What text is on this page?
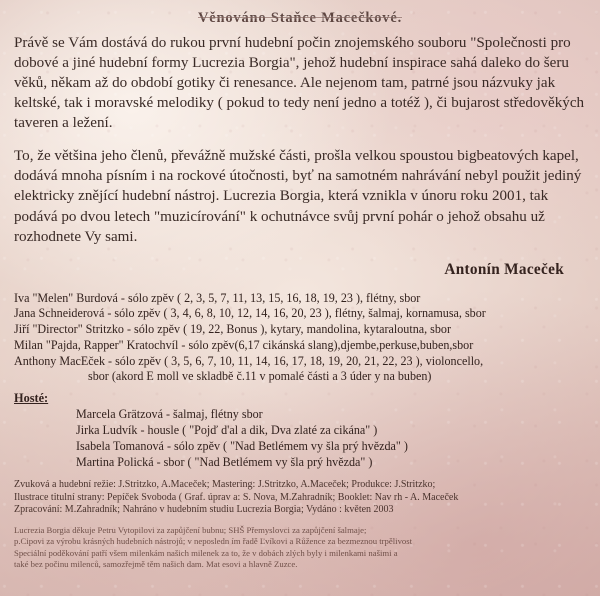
Věnováno Staňce Macečkové.

Právě se Vám dostává do rukou první hudební počin znojemského souboru "Společnosti pro dobové a jiné hudební formy Lucrezia Borgia", jehož hudební inspirace sahá daleko do šeru věků, někam až do období gotiky či renesance. Ale nejenom tam, patrné jsou názvuky jak keltské, tak i moravské melodiky ( pokud to tedy není jedno a totéž ), či bujarost středověkých taveren a ležení.

To, že většina jeho členů, převážně mužské části, prošla velkou spoustou bigbeatových kapel, dodává mnoha písním i na rockové útočnosti, byť na samotném nahrávání nebyl použit jediný elektricky znějící hudební nástroj. Lucrezia Borgia, která vznikla v únoru roku 2001, tak podává po dvou letech "muzicírování" k ochutnávce svůj první pohár o jehož obsahu už rozhodnete Vy sami.

Antonín Maceček
Iva "Melen" Burdová - sólo zpěv ( 2, 3, 5, 7, 11, 13, 15, 16, 18, 19, 23 ), flétny, sbor
Jana Schneiderová - sólo zpěv ( 3, 4, 6, 8, 10, 12, 14, 16, 20, 23 ), flétny, šalmaj, kornamusa, sbor
Jiří "Director" Stritzko - sólo zpěv ( 19, 22, Bonus ), kytary, mandolina, kytaraloutna, sbor
Milan "Pajda, Rapper" Kratochvíl - sólo zpěv(6,17 cikánská slang),djembe,perkuse,buben,sbor
Anthony MacEček - sólo zpěv ( 3, 5, 6, 7, 10, 11, 14, 16, 17, 18, 19, 20, 21, 22, 23 ), violoncello,
sbor (akord E moll ve skladbě č.11 v pomalé části a 3 úder y na buben)
Hosté:
Marcela Grätzová - šalmaj, flétny sbor
Jirka Ludvík - housle ( "Pojď d'al a dik, Dva zlaté za cikána" )
Isabela Tomanová - sólo zpěv ( "Nad Betlémem vy šla prý hvězda" )
Martina Polická - sbor ( "Nad Betlémem vy šla prý hvězda" )
Zvuková a hudební režie: J.Stritzko, A.Maceček; Mastering: J.Stritzko, A.Maceček; Produkce: J.Stritzko;
Ilustrace titulní strany: Pepíček Svoboda ( Graf. úprav a: S. Nova, M.Zahradník; Booklet: Nav rh - A. Maceček
Zpracování: M.Zahradník; Nahráno v hudebním studiu Lucrezia Borgia; Vydáno : květen 2003
Lucrezia Borgia děkuje Petru Vytopilovi za zapůjčení bubnu; SHŠ Přemyslovci za zapůjčení šalmaje;
p.Cipovi za výrobu krásných hudebních nástrojů; v neposledn ím řadě Ľvíkovi a Růžence za bezmeznou trpělivost
Speciální poděkování patří všem milenkám našich milenek za to, že v dobách zlých byly i milenkami našimi a
také bez počinu milenců, samozřejmě těm našich dam. Mat esovi a hlavně Zuzce.
